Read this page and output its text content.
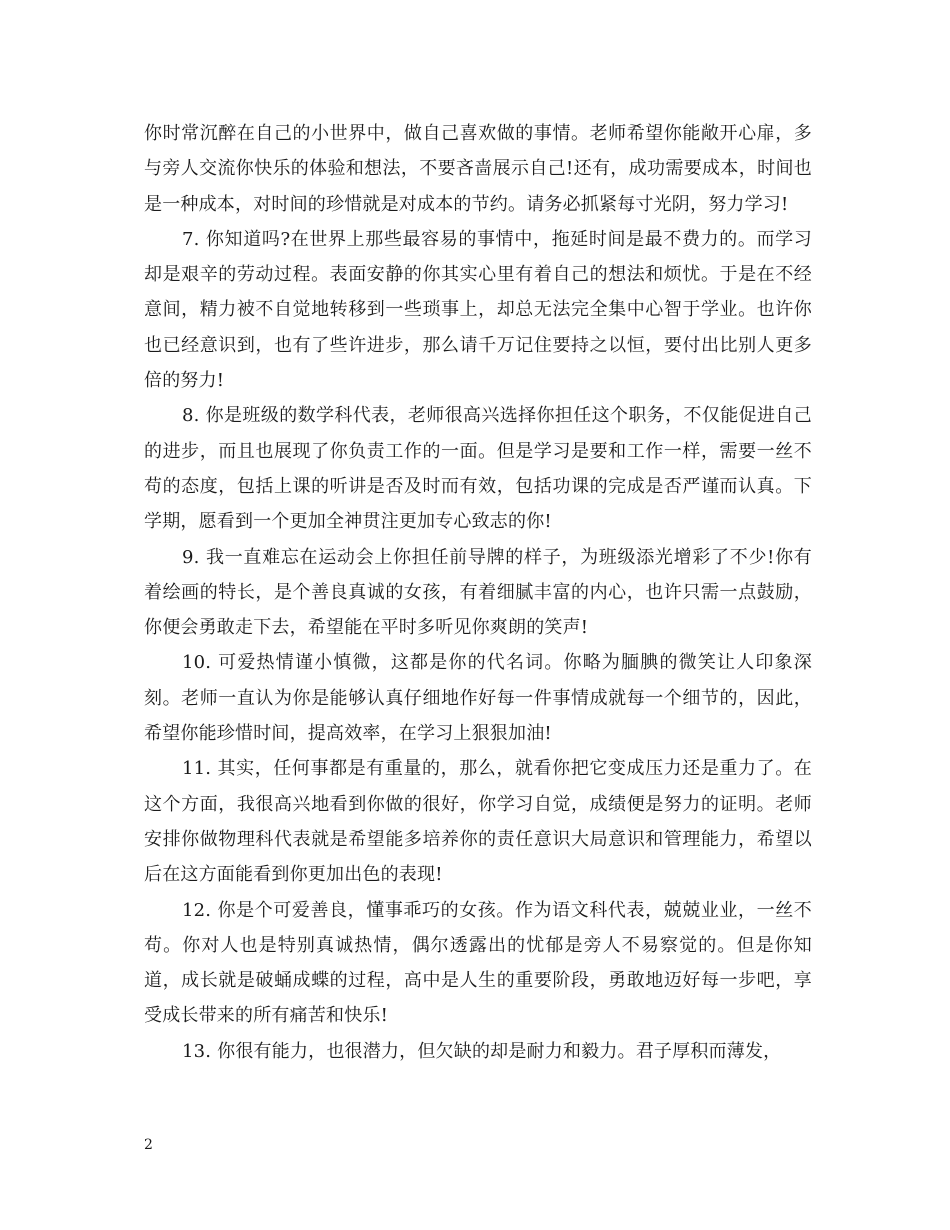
你时常沉醉在自己的小世界中，做自己喜欢做的事情。老师希望你能敞开心扉，多与旁人交流你快乐的体验和想法，不要吝啬展示自己!还有，成功需要成本，时间也是一种成本，对时间的珍惜就是对成本的节约。请务必抓紧每寸光阴，努力学习!

7. 你知道吗?在世界上那些最容易的事情中，拖延时间是最不费力的。而学习却是艰辛的劳动过程。表面安静的你其实心里有着自己的想法和烦忧。于是在不经意间，精力被不自觉地转移到一些琐事上，却总无法完全集中心智于学业。也许你也已经意识到，也有了些许进步，那么请千万记住要持之以恒，要付出比别人更多倍的努力!

8. 你是班级的数学科代表，老师很高兴选择你担任这个职务，不仅能促进自己的进步，而且也展现了你负责工作的一面。但是学习是要和工作一样，需要一丝不苟的态度，包括上课的听讲是否及时而有效，包括功课的完成是否严谨而认真。下学期，愿看到一个更加全神贯注更加专心致志的你!

9. 我一直难忘在运动会上你担任前导牌的样子，为班级添光增彩了不少!你有着绘画的特长，是个善良真诚的女孩，有着细腻丰富的内心，也许只需一点鼓励，你便会勇敢走下去，希望能在平时多听见你爽朗的笑声!

10. 可爱热情谨小慎微，这都是你的代名词。你略为腼腆的微笑让人印象深刻。老师一直认为你是能够认真仔细地作好每一件事情成就每一个细节的，因此，希望你能珍惜时间，提高效率，在学习上狠狠加油!

11. 其实，任何事都是有重量的，那么，就看你把它变成压力还是重力了。在这个方面，我很高兴地看到你做的很好，你学习自觉，成绩便是努力的证明。老师安排你做物理科代表就是希望能多培养你的责任意识大局意识和管理能力，希望以后在这方面能看到你更加出色的表现!

12. 你是个可爱善良，懂事乖巧的女孩。作为语文科代表，兢兢业业，一丝不苟。你对人也是特别真诚热情，偶尔透露出的忧郁是旁人不易察觉的。但是你知道，成长就是破蛹成蝶的过程，高中是人生的重要阶段，勇敢地迈好每一步吧，享受成长带来的所有痛苦和快乐!

13. 你很有能力，也很潜力，但欠缺的却是耐力和毅力。君子厚积而薄发，

2
